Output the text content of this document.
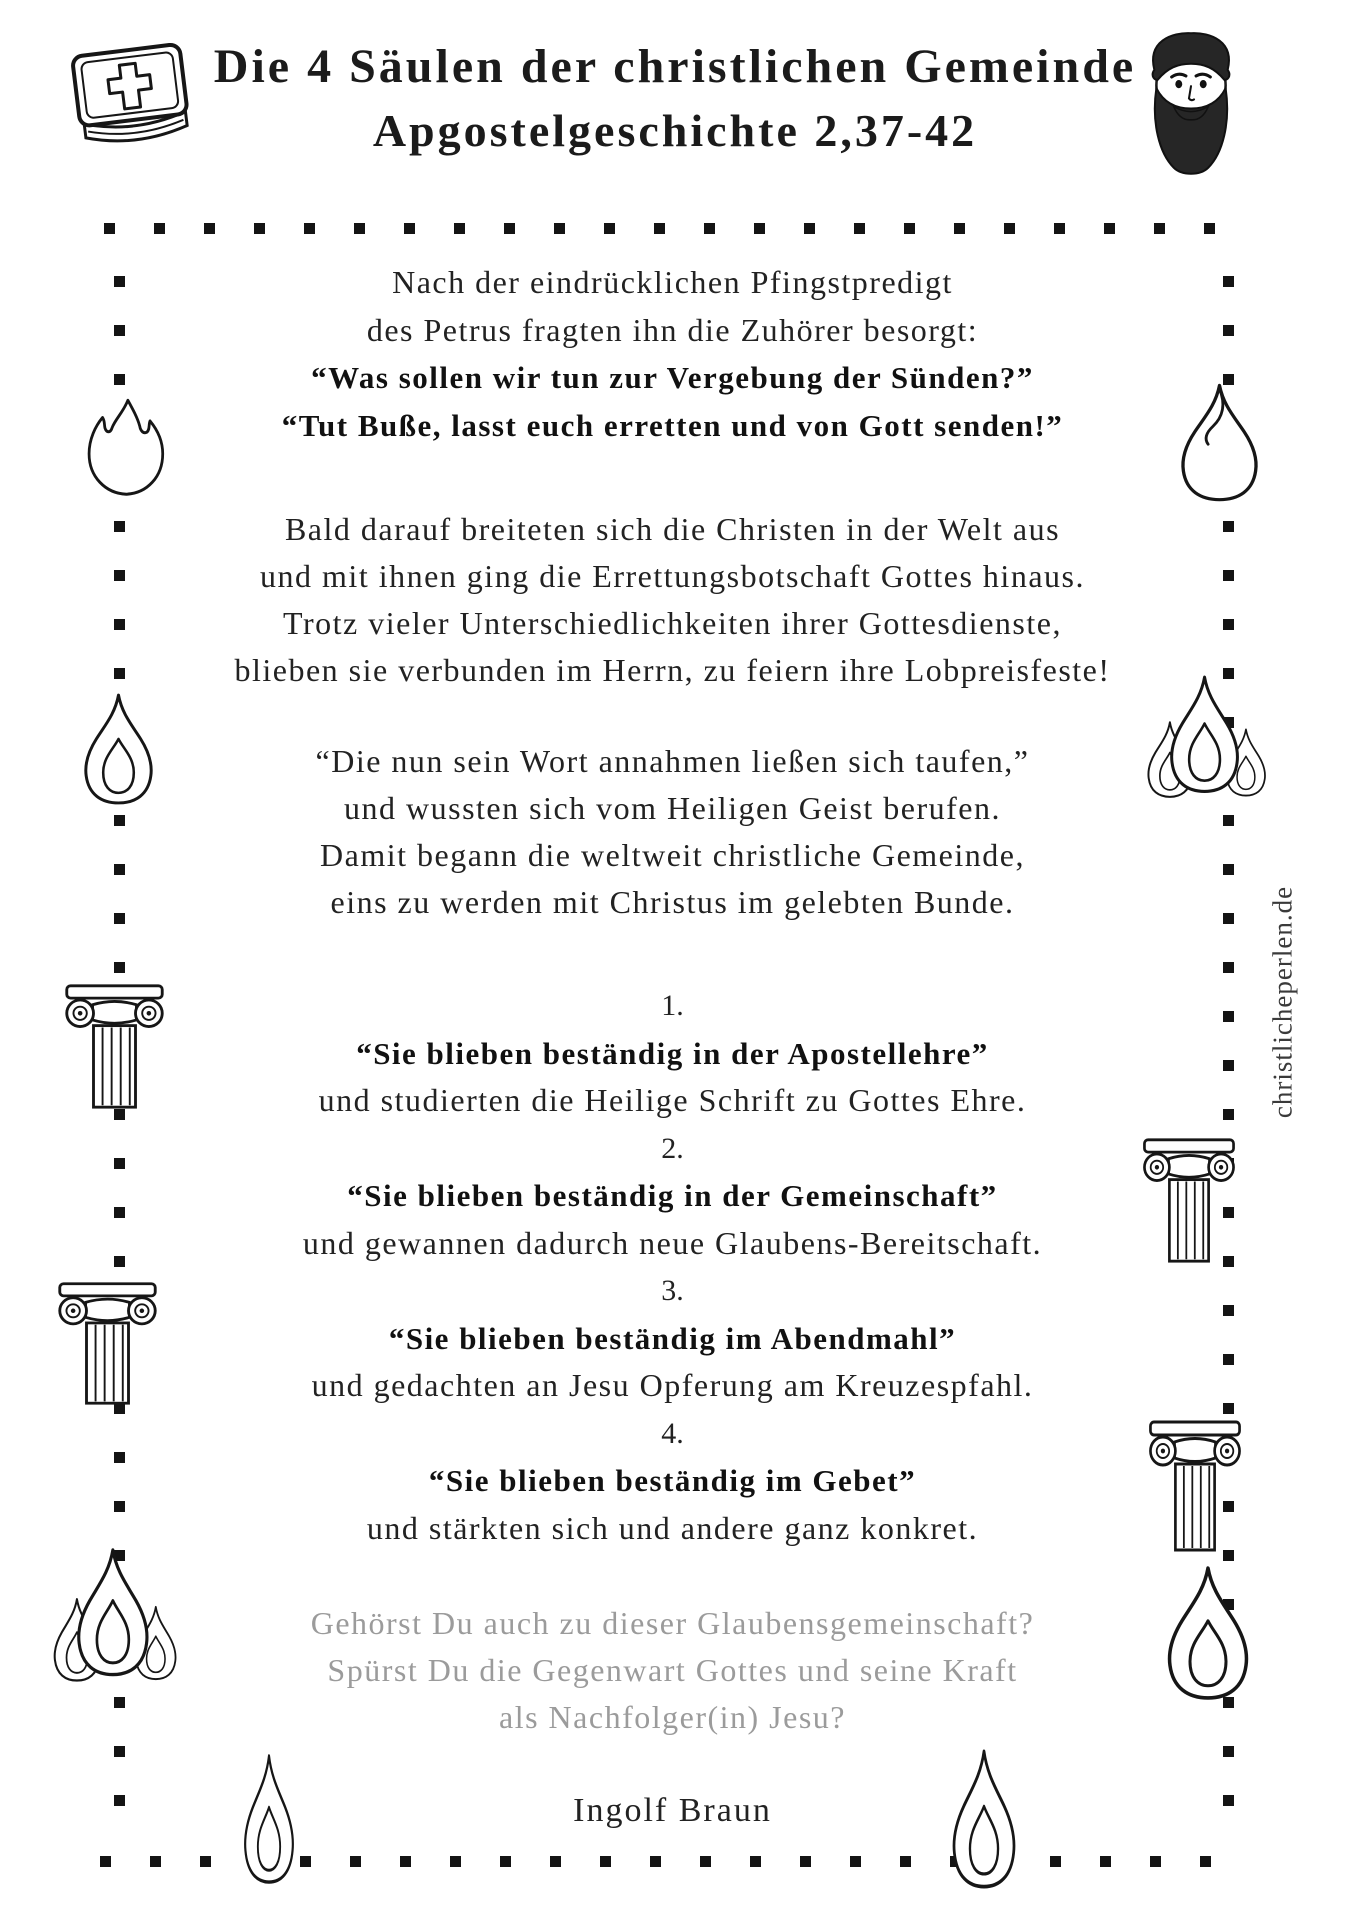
Die 4 Säulen der christlichen Gemeinde
Apgostelgeschichte 2,37-42
Nach der eindrücklichen Pfingstpredigt
des Petrus fragten ihn die Zuhörer besorgt:
“Was sollen wir tun zur Vergebung der Sünden?”
“Tut Buße, lasst euch erretten und von Gott senden!”
Bald darauf breiteten sich die Christen in der Welt aus
und mit ihnen ging die Errettungsbotschaft Gottes hinaus.
Trotz vieler Unterschiedlichkeiten ihrer Gottesdienste,
blieben sie verbunden im Herrn, zu feiern ihre Lobpreisfeste!
“Die nun sein Wort annahmen ließen sich taufen,”
und wussten sich vom Heiligen Geist berufen.
Damit begann die weltweit christliche Gemeinde,
eins zu werden mit Christus im gelebten Bunde.
1.
“Sie blieben beständig in der Apostellehre”
und studierten die Heilige Schrift zu Gottes Ehre.
2.
“Sie blieben beständig in der Gemeinschaft”
und gewannen dadurch neue Glaubens-Bereitschaft.
3.
“Sie blieben beständig im Abendmahl”
und gedachten an Jesu Opferung am Kreuzespfahl.
4.
“Sie blieben beständig im Gebet”
und stärkten sich und andere ganz konkret.
Gehörst Du auch zu dieser Glaubensgemeinschaft?
Spürst Du die Gegenwart Gottes und seine Kraft
als Nachfolger(in) Jesu?
Ingolf Braun
christlicheperlen.de
